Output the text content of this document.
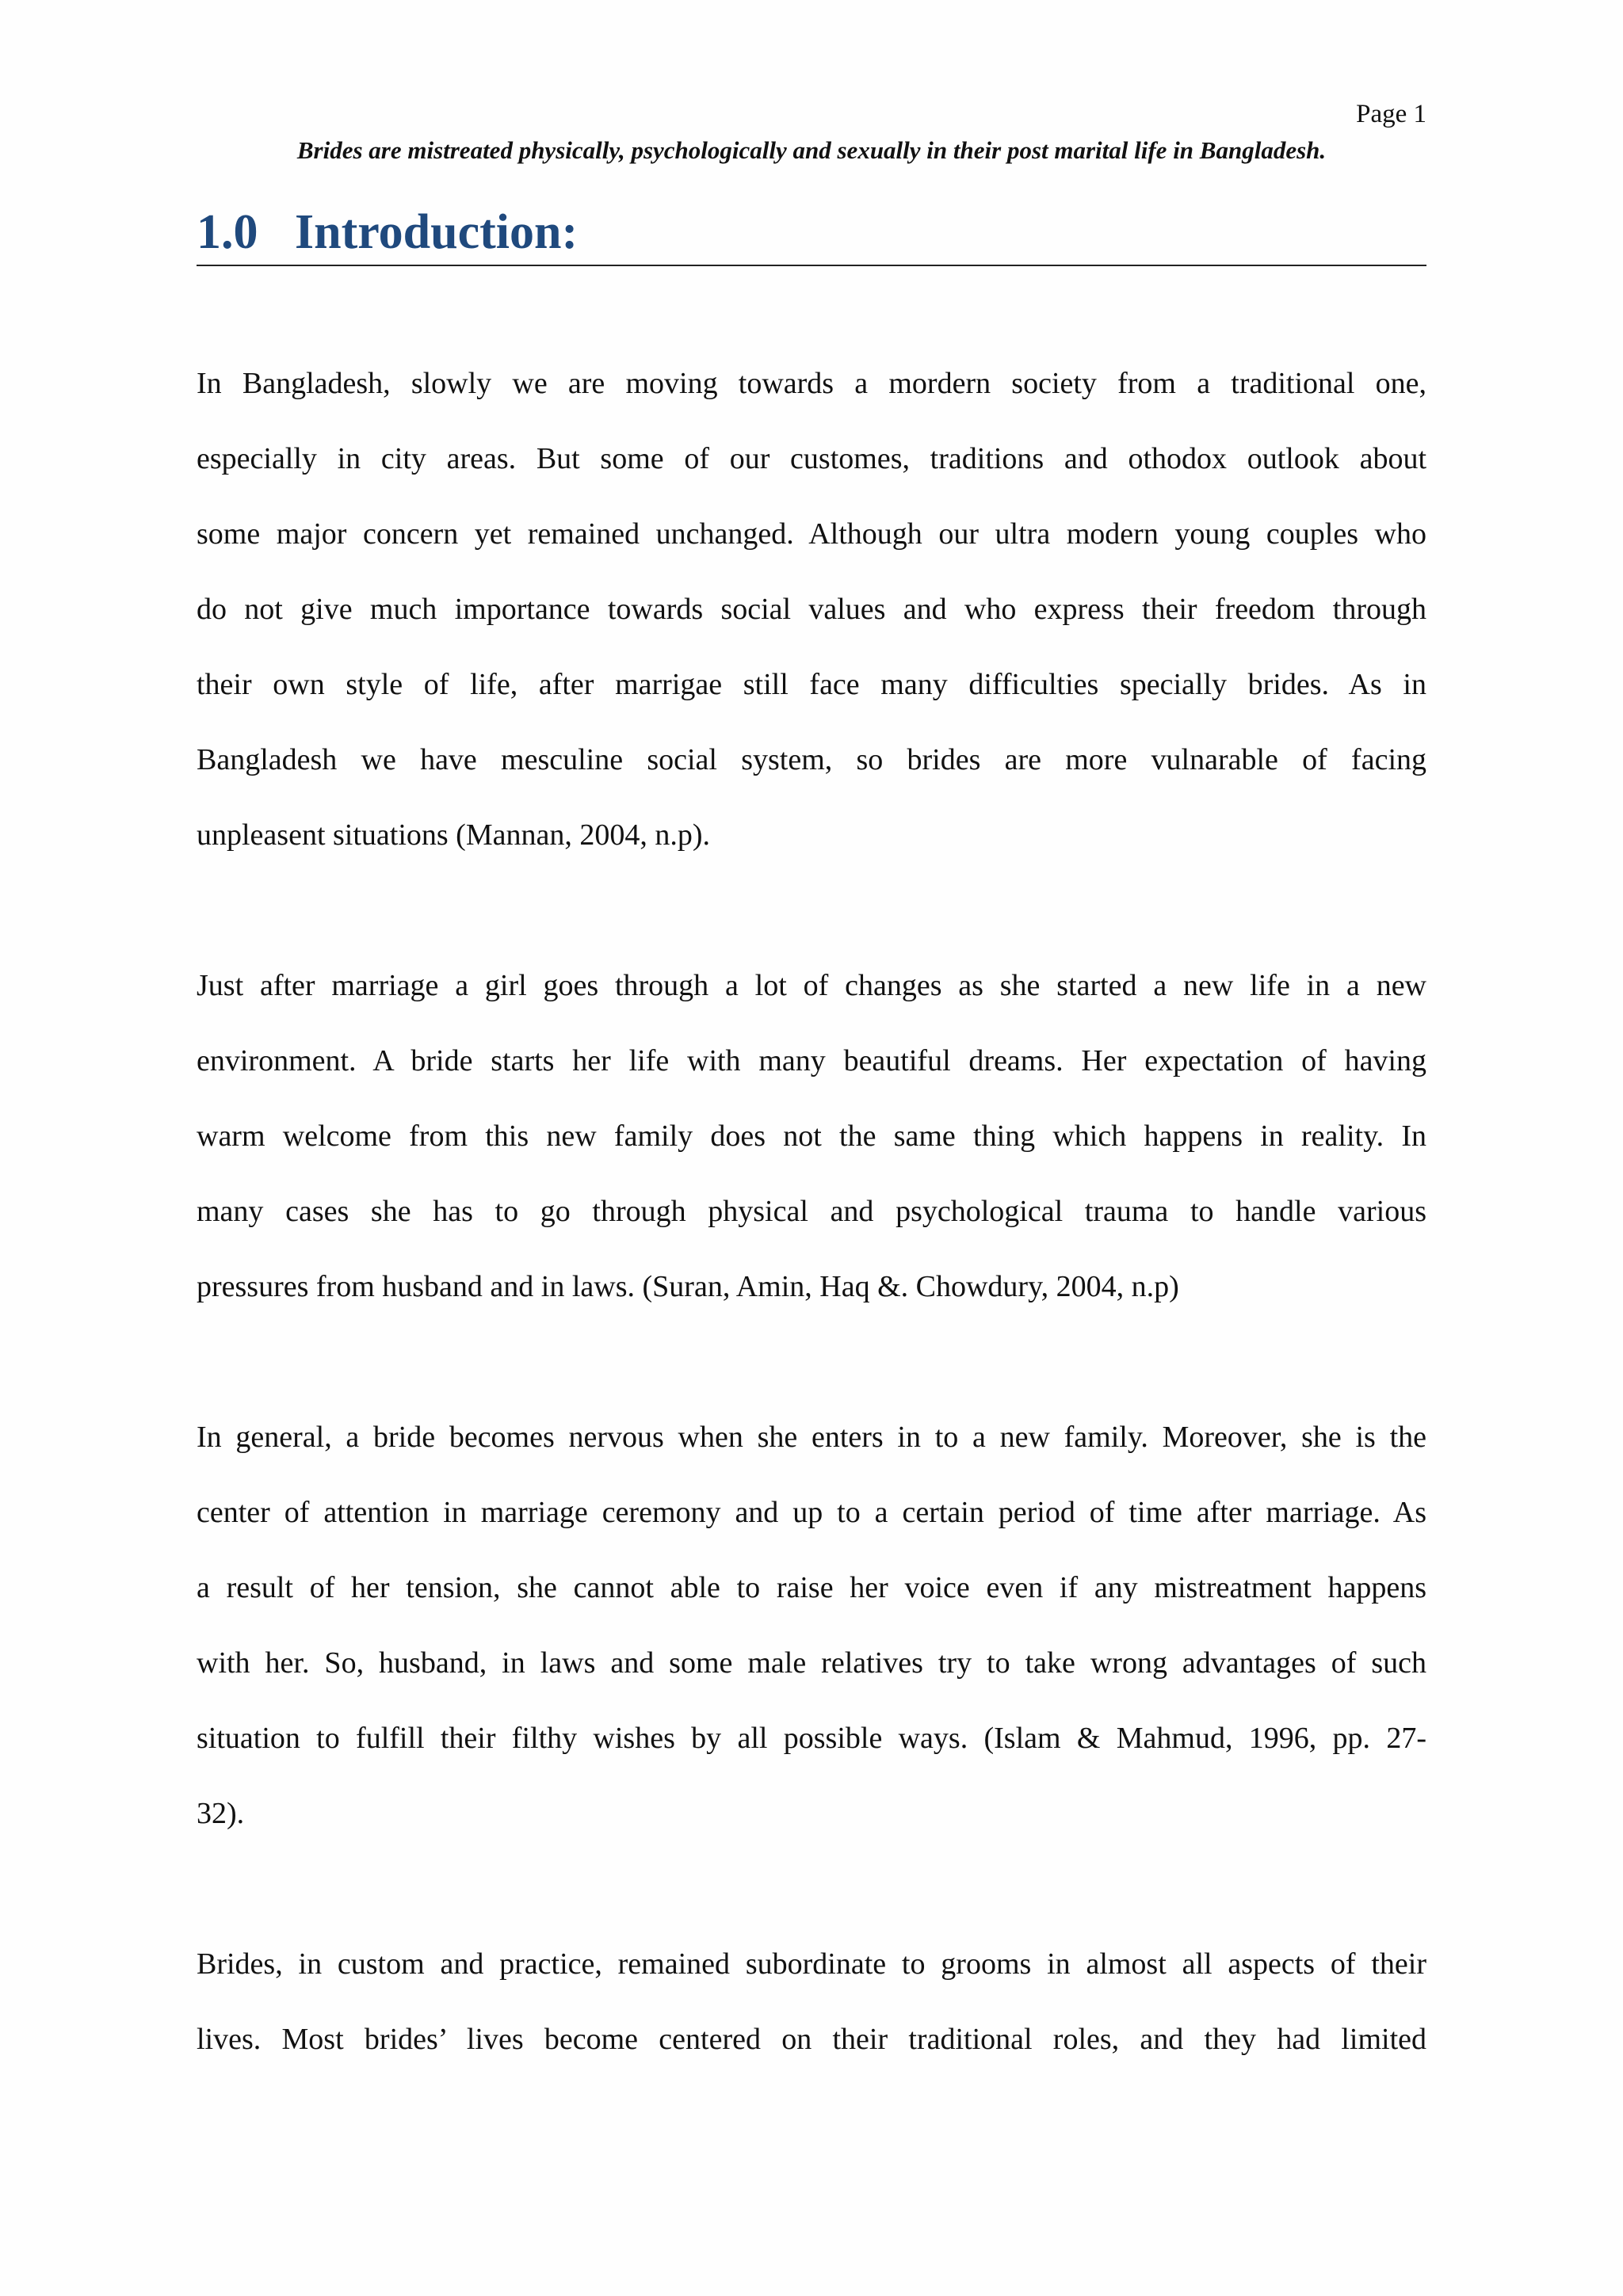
Page 1
Brides are mistreated physically, psychologically and sexually in their post marital life in Bangladesh.
1.0 Introduction:

In Bangladesh, slowly we are moving towards a mordern society from a traditional one,
especially in city areas. But some of our customes, traditions and othodox outlook about
some major concern yet remained unchanged. Although our ultra modern young couples who
do not give much importance towards social values and who express their freedom through
their own style of life, after marrigae still face many difficulties specially brides. As in
Bangladesh we have mesculine social system, so brides are more vulnarable of facing
unpleasent situations (Mannan, 2004, n.p).

Just after marriage a girl goes through a lot of changes as she started a new life in a new
environment. A bride starts her life with many beautiful dreams. Her expectation of having
warm welcome from this new family does not the same thing which happens in reality. In
many cases she has to go through physical and psychological trauma to handle various
pressures from husband and in laws. (Suran, Amin, Haq &. Chowdury, 2004, n.p)

In general, a bride becomes nervous when she enters in to a new family. Moreover, she is the
center of attention in marriage ceremony and up to a certain period of time after marriage. As
a result of her tension, she cannot able to raise her voice even if any mistreatment happens
with her. So, husband, in laws and some male relatives try to take wrong advantages of such
situation to fulfill their filthy wishes by all possible ways. (Islam & Mahmud, 1996, pp. 27-
32).

Brides, in custom and practice, remained subordinate to grooms in almost all aspects of their
lives. Most brides’ lives become centered on their traditional roles, and they had limited
